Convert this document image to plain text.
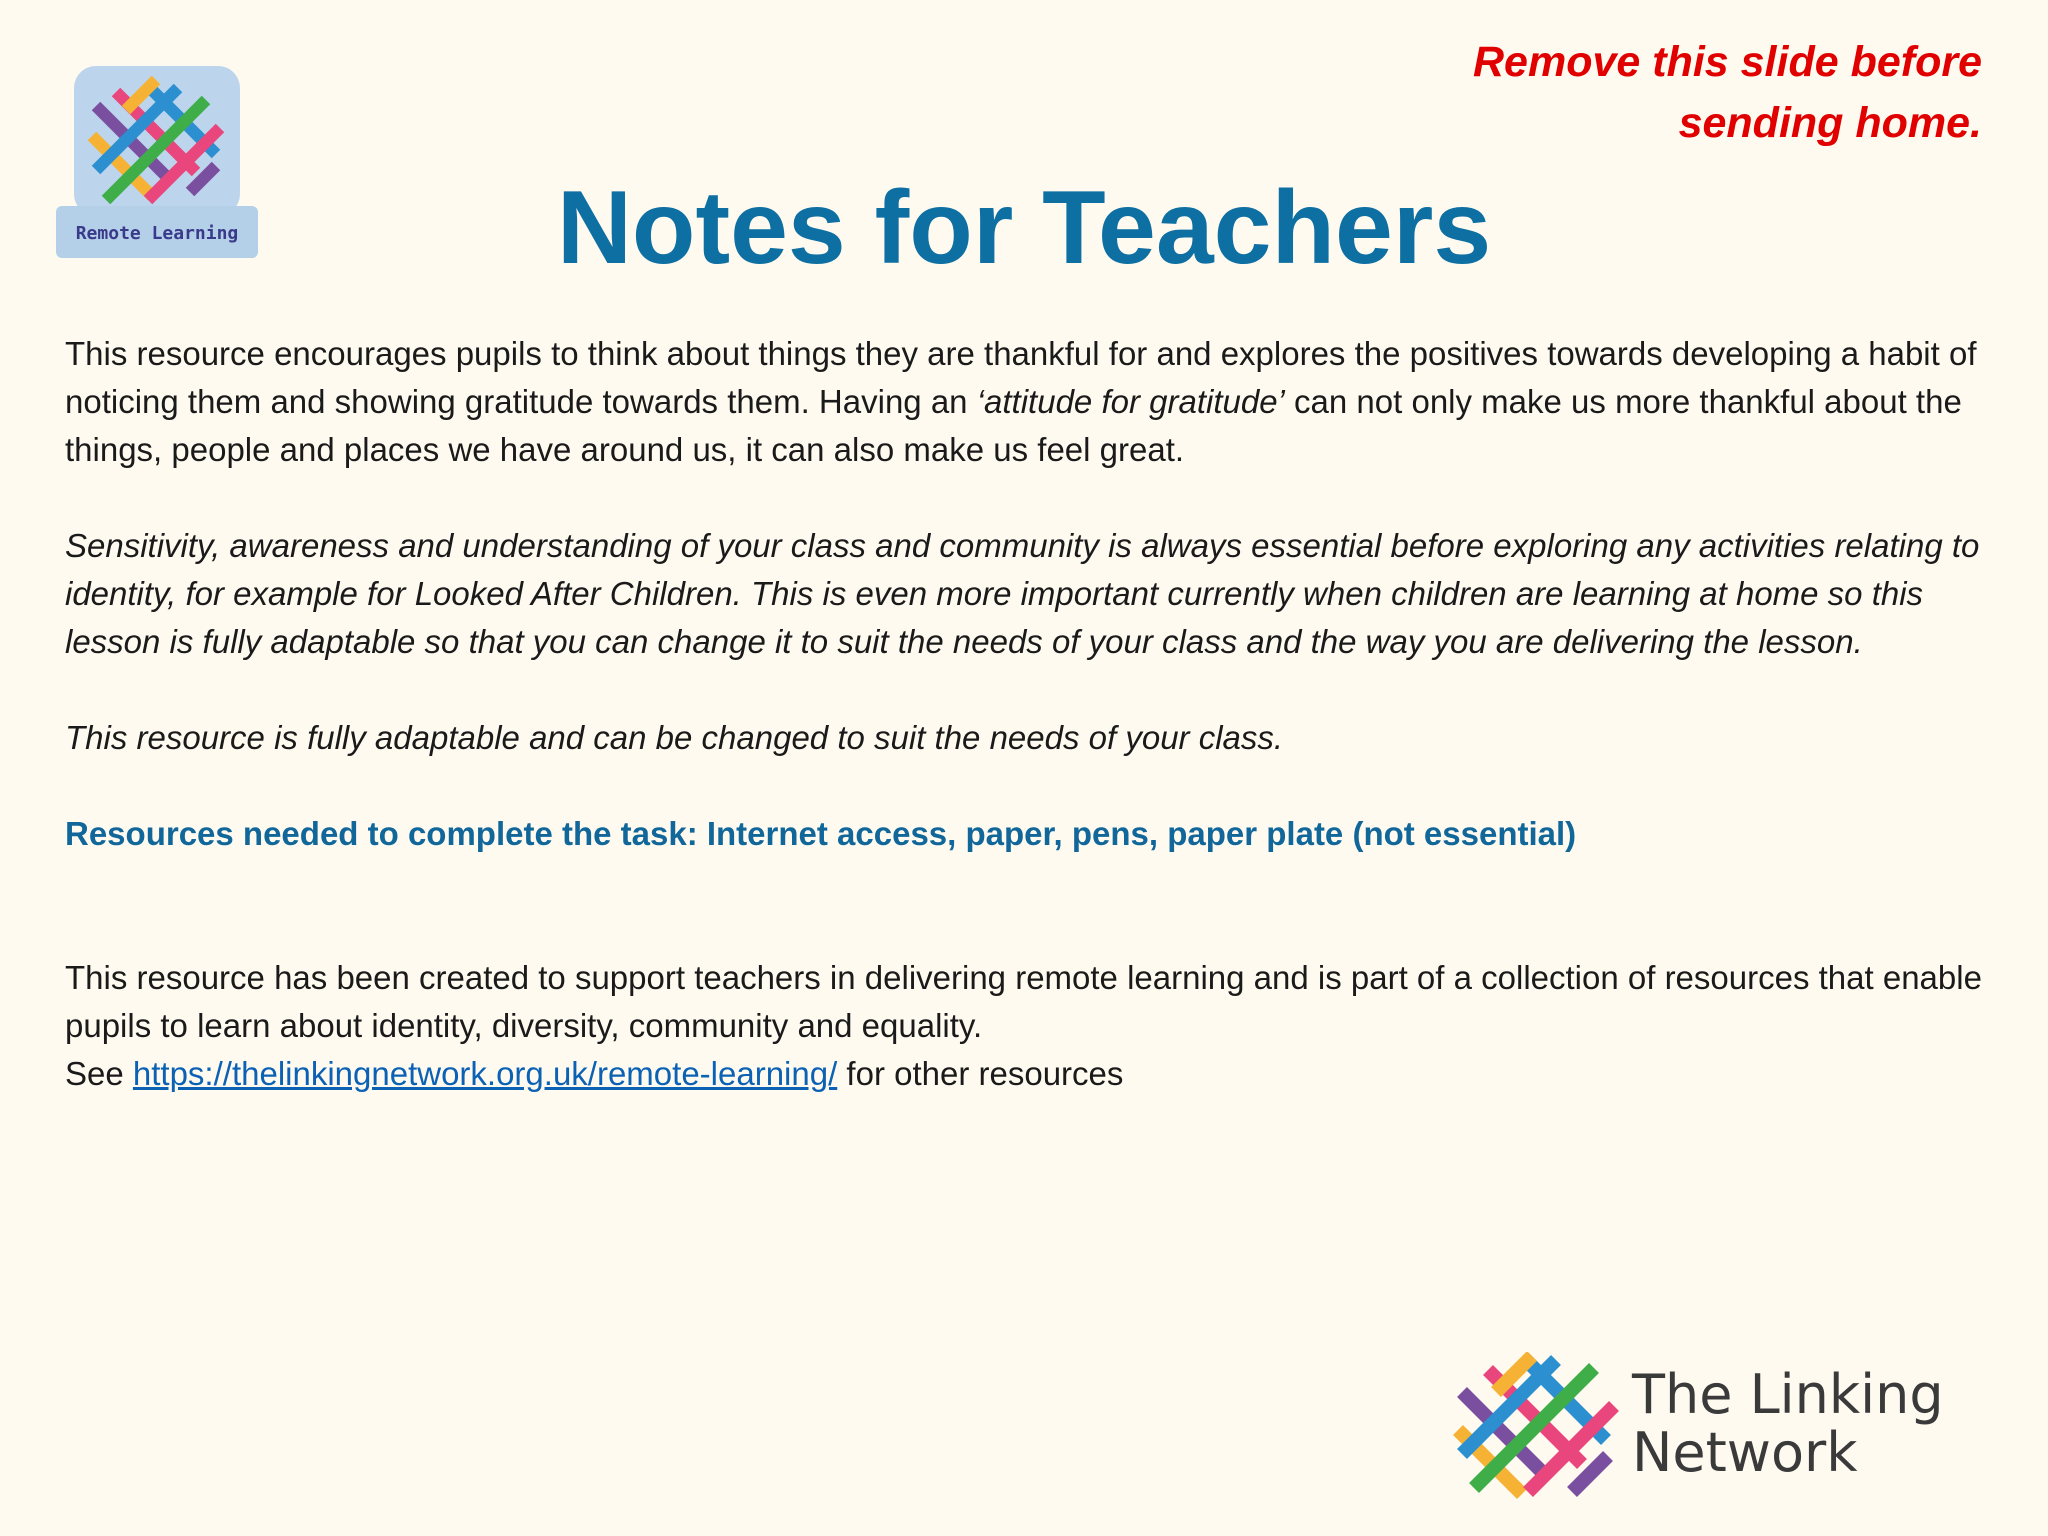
Remove this slide before
sending home.
Remote Learning	Notes for Teachers

This resource encourages pupils to think about things they are thankful for and explores the positives towards developing a habit of noticing them and showing gratitude towards them. Having an ‘attitude for gratitude’ can not only make us more thankful about the things, people and places we have around us, it can also make us feel great.

Sensitivity, awareness and understanding of your class and community is always essential before exploring any activities relating to identity, for example for Looked After Children. This is even more important currently when children are learning at home so this lesson is fully adaptable so that you can change it to suit the needs of your class and the way you are delivering the lesson.

This resource is fully adaptable and can be changed to suit the needs of your class.

Resources needed to complete the task: Internet access, paper, pens, paper plate (not essential)

This resource has been created to support teachers in delivering remote learning and is part of a collection of resources that enable pupils to learn about identity, diversity, community and equality.

See https://thelinkingnetwork.org.uk/remote-learning/ for other resources

The Linking
Network
